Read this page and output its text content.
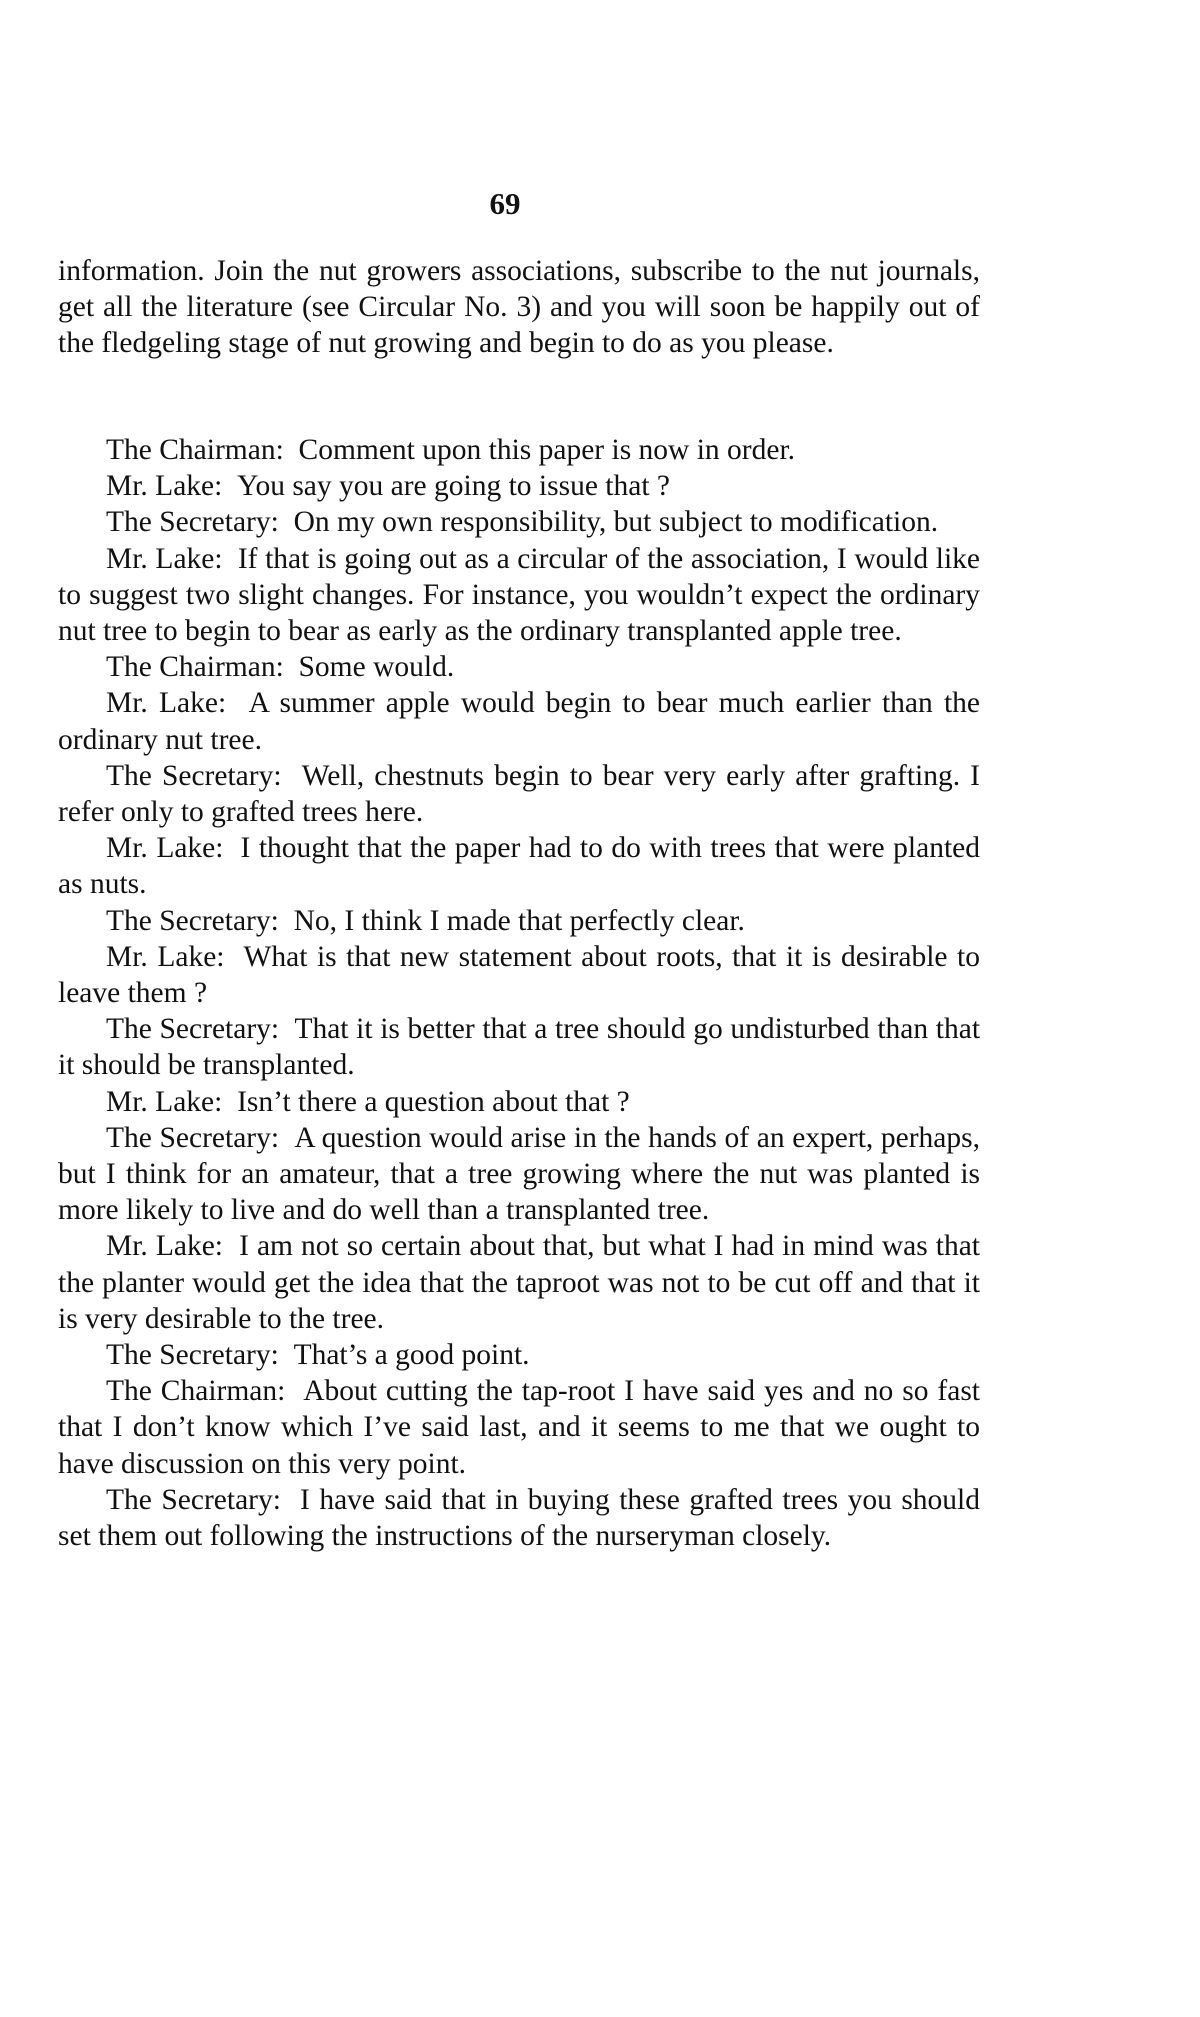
69

information. Join the nut growers associations, subscribe to the nut journals, get all the literature (see Circular No. 3) and you will soon be happily out of the fledgeling stage of nut growing and begin to do as you please.

The Chairman: Comment upon this paper is now in order.

Mr. Lake: You say you are going to issue that ?

The Secretary: On my own responsibility, but subject to modification.

Mr. Lake: If that is going out as a circular of the association, I would like to suggest two slight changes. For instance, you wouldn’t expect the ordinary nut tree to begin to bear as early as the ordinary transplanted apple tree.

The Chairman: Some would.

Mr. Lake: A summer apple would begin to bear much earlier than the ordinary nut tree.

The Secretary: Well, chestnuts begin to bear very early after grafting. I refer only to grafted trees here.

Mr. Lake: I thought that the paper had to do with trees that were planted as nuts.

The Secretary: No, I think I made that perfectly clear.

Mr. Lake: What is that new statement about roots, that it is desirable to leave them ?

The Secretary: That it is better that a tree should go undisturbed than that it should be transplanted.

Mr. Lake: Isn’t there a question about that ?

The Secretary: A question would arise in the hands of an expert, perhaps, but I think for an amateur, that a tree growing where the nut was planted is more likely to live and do well than a transplanted tree.

Mr. Lake: I am not so certain about that, but what I had in mind was that the planter would get the idea that the taproot was not to be cut off and that it is very desirable to the tree.

The Secretary: That’s a good point.

The Chairman: About cutting the tap-root I have said yes and no so fast that I don’t know which I’ve said last, and it seems to me that we ought to have discussion on this very point.

The Secretary: I have said that in buying these grafted trees you should set them out following the instructions of the nurseryman closely.
